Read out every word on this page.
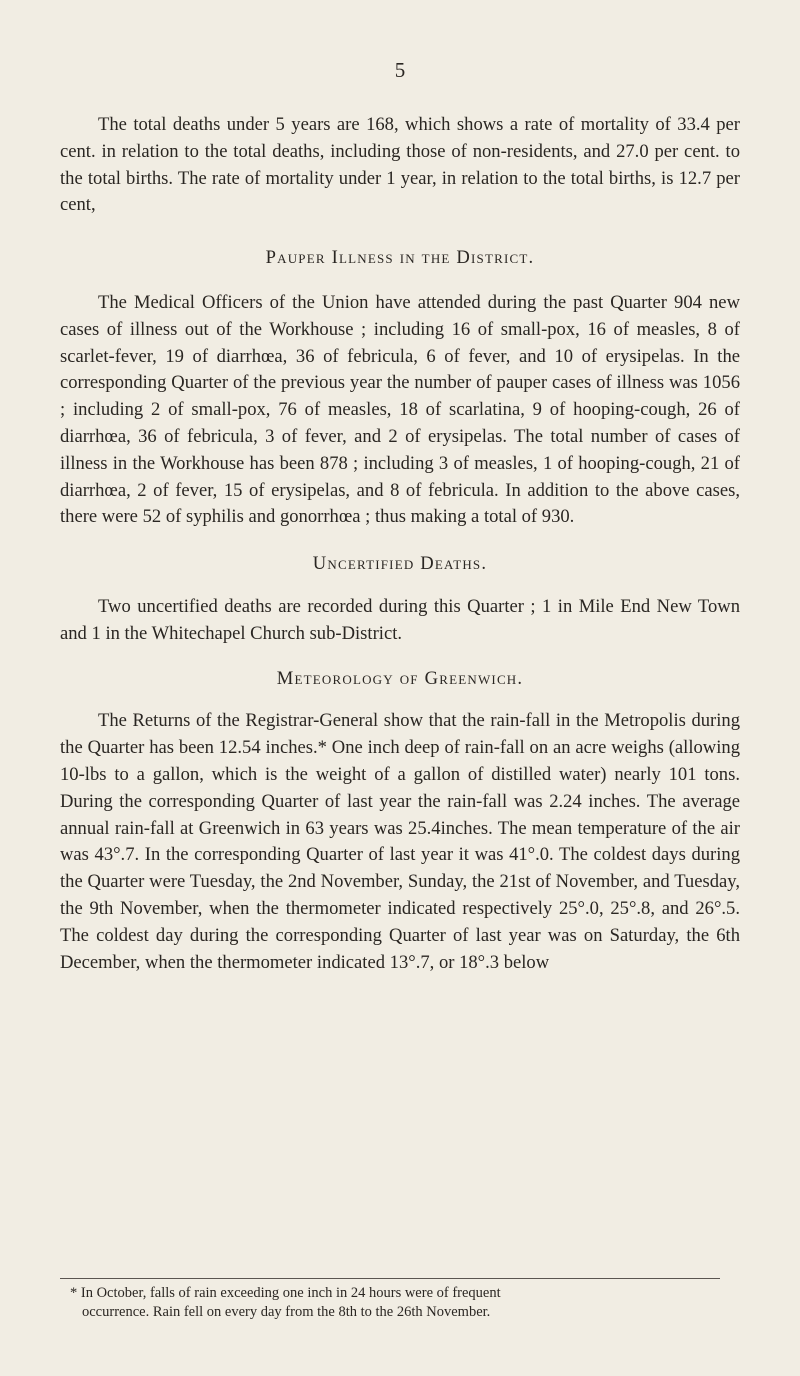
5

The total deaths under 5 years are 168, which shows a rate of mortality of 33.4 per cent. in relation to the total deaths, including those of non-residents, and 27.0 per cent. to the total births. The rate of mortality under 1 year, in relation to the total births, is 12.7 per cent,

Pauper Illness in the District.

The Medical Officers of the Union have attended during the past Quarter 904 new cases of illness out of the Workhouse ; including 16 of small-pox, 16 of measles, 8 of scarlet-fever, 19 of diarrhœa, 36 of febricula, 6 of fever, and 10 of erysipelas. In the corresponding Quarter of the previous year the number of pauper cases of illness was 1056 ; including 2 of small-pox, 76 of measles, 18 of scarlatina, 9 of hooping-cough, 26 of diarrhœa, 36 of febricula, 3 of fever, and 2 of erysipelas. The total number of cases of illness in the Workhouse has been 878 ; including 3 of measles, 1 of hooping-cough, 21 of diarrhœa, 2 of fever, 15 of erysipelas, and 8 of febricula. In addition to the above cases, there were 52 of syphilis and gonorrhœa ; thus making a total of 930.

Uncertified Deaths.

Two uncertified deaths are recorded during this Quarter ; 1 in Mile End New Town and 1 in the Whitechapel Church sub-District.

Meteorology of Greenwich.

The Returns of the Registrar-General show that the rain-fall in the Metropolis during the Quarter has been 12.54 inches.* One inch deep of rain-fall on an acre weighs (allowing 10-lbs to a gallon, which is the weight of a gallon of distilled water) nearly 101 tons. During the corresponding Quarter of last year the rain-fall was 2.24 inches. The average annual rain-fall at Greenwich in 63 years was 25.4inches. The mean temperature of the air was 43°.7. In the corresponding Quarter of last year it was 41°.0. The coldest days during the Quarter were Tuesday, the 2nd November, Sunday, the 21st of November, and Tuesday, the 9th November, when the thermometer indicated respectively 25°.0, 25°.8, and 26°.5. The coldest day during the corresponding Quarter of last year was on Saturday, the 6th December, when the thermometer indicated 13°.7, or 18°.3 below

* In October, falls of rain exceeding one inch in 24 hours were of frequent
occurrence. Rain fell on every day from the 8th to the 26th November.
